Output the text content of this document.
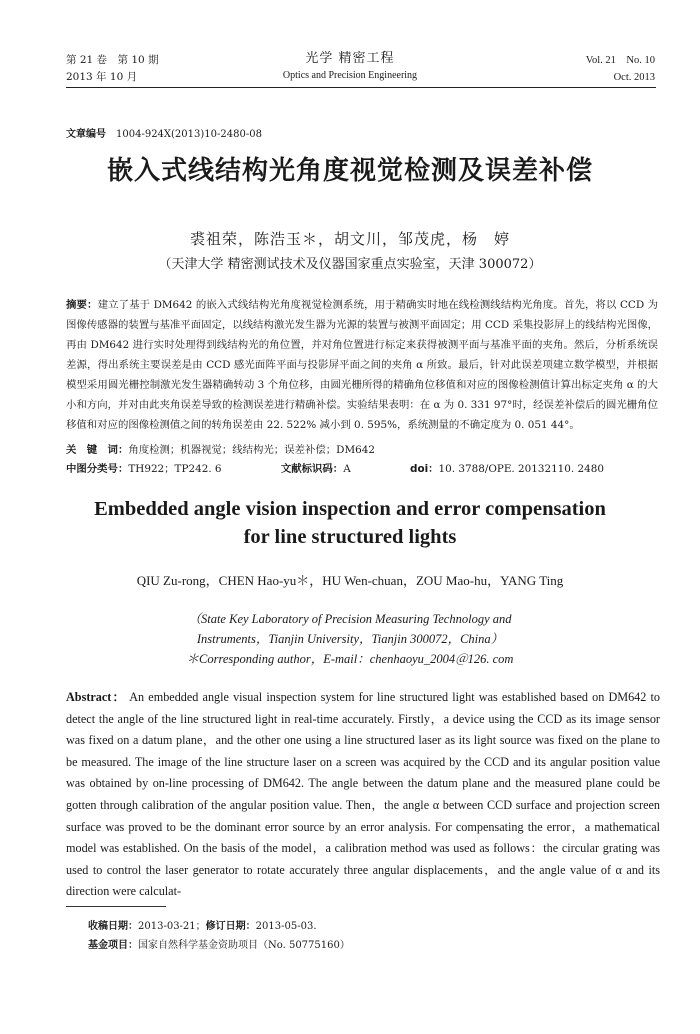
第 21 卷　第 10 期
2013 年 10 月
光学 精密工程
Optics and Precision Engineering
Vol. 21　No. 10
Oct. 2013
文章编号 1004-924X(2013)10-2480-08
嵌入式线结构光角度视觉检测及误差补偿
裘祖荣，陈浩玉＊，胡文川，邹茂虎，杨　婷
（天津大学 精密测试技术及仪器国家重点实验室，天津 300072）
摘要：建立了基于 DM642 的嵌入式线结构光角度视觉检测系统，用于精确实时地在线检测线结构光角度。首先，将以 CCD 为图像传感器的装置与基准平面固定，以线结构激光发生器为光源的装置与被测平面固定；用 CCD 采集投影屏上的线结构光图像，再由 DM642 进行实时处理得到线结构光的角位置，并对角位置进行标定来获得被测平面与基准平面的夹角。然后，分析系统误差源，得出系统主要误差是由 CCD 感光面阵平面与投影屏平面之间的夹角 α 所致。最后，针对此误差项建立数学模型，并根据模型采用圆光栅控制激光发生器精确转动 3 个角位移，由圆光栅所得的精确角位移值和对应的图像检测值计算出标定夹角 α 的大小和方向，并对由此夹角误差导致的检测误差进行精确补偿。实验结果表明：在 α 为 0. 331 97°时，经误差补偿后的圆光栅角位移值和对应的图像检测值之间的转角误差由 22. 522% 减小到 0. 595%，系统测量的不确定度为 0. 051 44°。
关　键　词：角度检测；机器视觉；线结构光；误差补偿；DM642
中图分类号：TH922；TP242. 6	文献标识码：A	doi：10. 3788/OPE. 20132110. 2480
Embedded angle vision inspection and error compensation
for line structured lights
QIU Zu-rong，CHEN Hao-yu＊，HU Wen-chuan，ZOU Mao-hu，YANG Ting
（State Key Laboratory of Precision Measuring Technology and
Instruments，Tianjin University，Tianjin 300072，China）
＊Corresponding author，E-mail：chenhaoyu_2004＠126. com
Abstract： An embedded angle visual inspection system for line structured light was established based on DM642 to detect the angle of the line structured light in real-time accurately. Firstly，a device using the CCD as its image sensor was fixed on a datum plane，and the other one using a line structured laser as its light source was fixed on the plane to be measured. The image of the line structure laser on a screen was acquired by the CCD and its angular position value was obtained by on-line processing of DM642. The angle between the datum plane and the measured plane could be gotten through calibration of the angular position value. Then，the angle α between CCD surface and projection screen surface was proved to be the dominant error source by an error analysis. For compensating the error，a mathematical model was established. On the basis of the model，a calibration method was used as follows：the circular grating was used to control the laser generator to rotate accurately three angular displacements，and the angle value of α and its direction were calculat-
收稿日期：2013-03-21；修订日期：2013-05-03.
基金项目：国家自然科学基金资助项目（No. 50775160）
